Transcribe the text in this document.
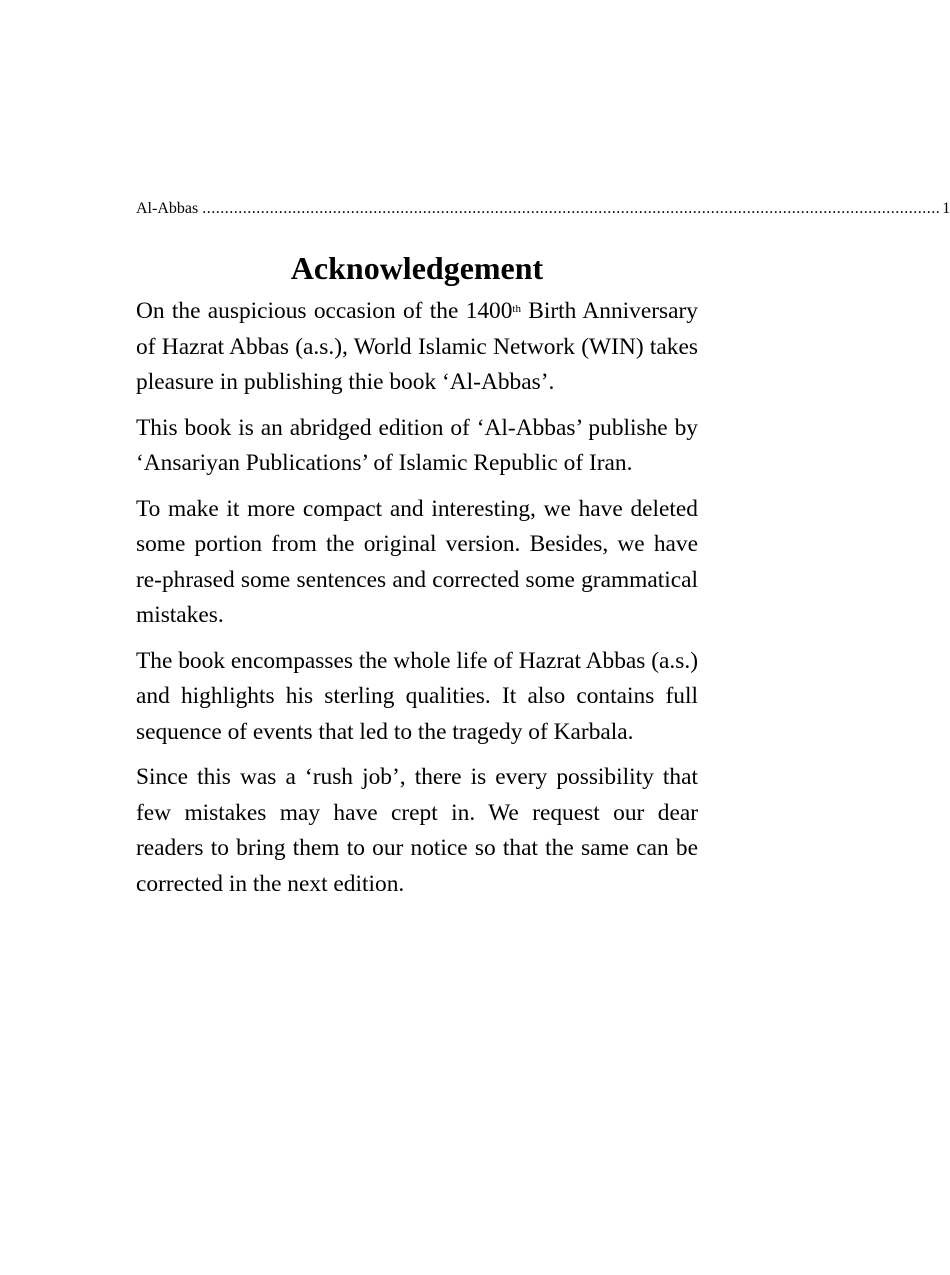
Al-Abbas .................................................................................................................................................................... 1
Acknowledgement

On the auspicious occasion of the 1400th Birth Anniversary of Hazrat Abbas (a.s.), World Islamic Network (WIN) takes pleasure in publishing thie book ‘Al-Abbas’.

This book is an abridged edition of ‘Al-Abbas’ publishe by ‘Ansariyan Publications’ of Islamic Republic of Iran.

To make it more compact and interesting, we have deleted some portion from the original version. Besides, we have re-phrased some sentences and corrected some grammatical mistakes.

The book encompasses the whole life of Hazrat Abbas (a.s.) and highlights his sterling qualities. It also contains full sequence of events that led to the tragedy of Karbala.

Since this was a ‘rush job’, there is every possibility that few mistakes may have crept in. We request our dear readers to bring them to our notice so that the same can be corrected in the next edition.
